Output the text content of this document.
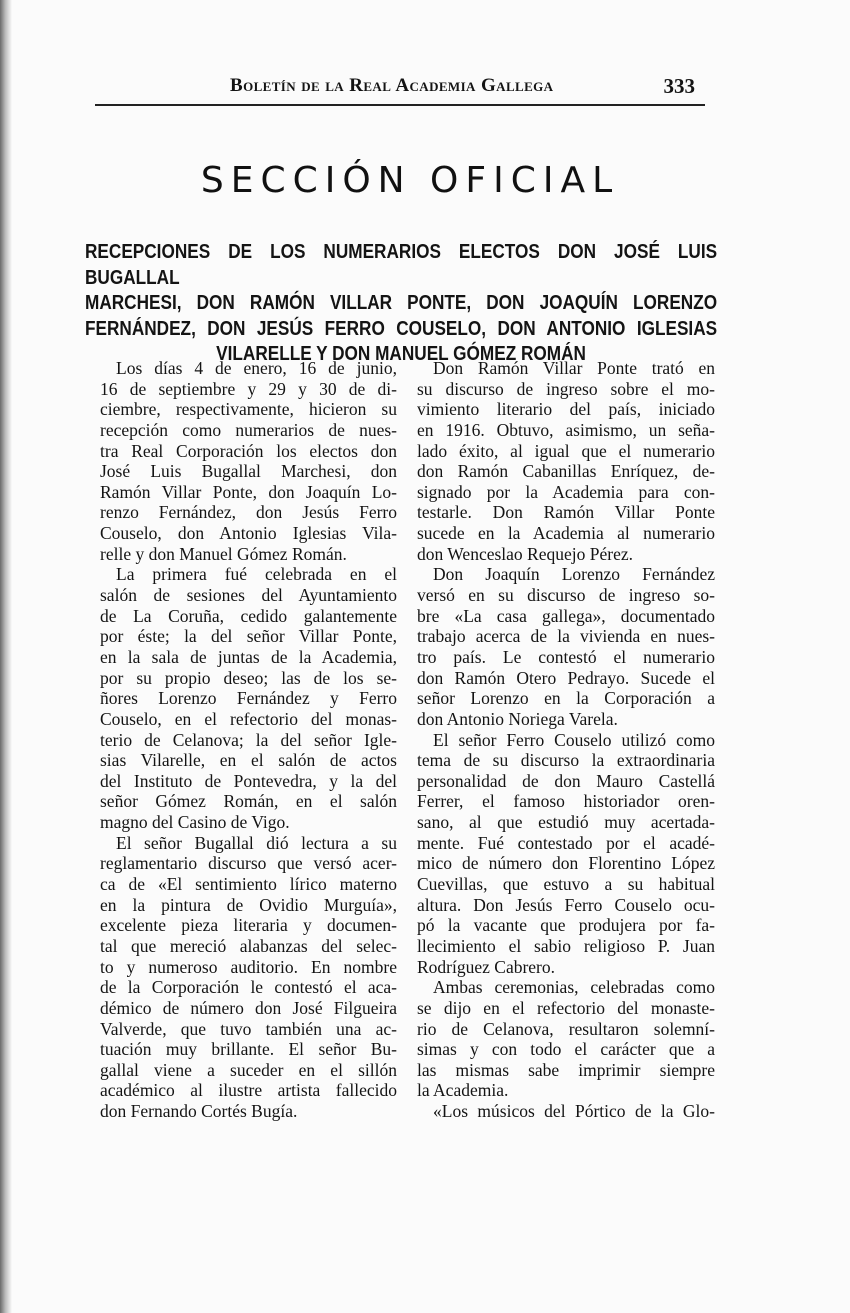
Boletín de la Real Academia Gallega	333
SECCIÓN OFICIAL
RECEPCIONES DE LOS NUMERARIOS ELECTOS DON JOSÉ LUIS BUGALLAL
MARCHESI, DON RAMÓN VILLAR PONTE, DON JOAQUÍN LORENZO
FERNÁNDEZ, DON JESÚS FERRO COUSELO, DON ANTONIO IGLESIAS
VILARELLE Y DON MANUEL GÓMEZ ROMÁN
Los días 4 de enero, 16 de junio,
16 de septiembre y 29 y 30 de di-
ciembre, respectivamente, hicieron su
recepción como numerarios de nues-
tra Real Corporación los electos don
José Luis Bugallal Marchesi, don
Ramón Villar Ponte, don Joaquín Lo-
renzo Fernández, don Jesús Ferro
Couselo, don Antonio Iglesias Vila-
relle y don Manuel Gómez Román.
La primera fué celebrada en el
salón de sesiones del Ayuntamiento
de La Coruña, cedido galantemente
por éste; la del señor Villar Ponte,
en la sala de juntas de la Academia,
por su propio deseo; las de los se-
ñores Lorenzo Fernández y Ferro
Couselo, en el refectorio del monas-
terio de Celanova; la del señor Igle-
sias Vilarelle, en el salón de actos
del Instituto de Pontevedra, y la del
señor Gómez Román, en el salón
magno del Casino de Vigo.
El señor Bugallal dió lectura a su
reglamentario discurso que versó acer-
ca de «El sentimiento lírico materno
en la pintura de Ovidio Murguía»,
excelente pieza literaria y documen-
tal que mereció alabanzas del selec-
to y numeroso auditorio. En nombre
de la Corporación le contestó el aca-
démico de número don José Filgueira
Valverde, que tuvo también una ac-
tuación muy brillante. El señor Bu-
gallal viene a suceder en el sillón
académico al ilustre artista fallecido
don Fernando Cortés Bugía.
Don Ramón Villar Ponte trató en
su discurso de ingreso sobre el mo-
vimiento literario del país, iniciado
en 1916. Obtuvo, asimismo, un seña-
lado éxito, al igual que el numerario
don Ramón Cabanillas Enríquez, de-
signado por la Academia para con-
testarle. Don Ramón Villar Ponte
sucede en la Academia al numerario
don Wenceslao Requejo Pérez.
Don Joaquín Lorenzo Fernández
versó en su discurso de ingreso so-
bre «La casa gallega», documentado
trabajo acerca de la vivienda en nues-
tro país. Le contestó el numerario
don Ramón Otero Pedrayo. Sucede el
señor Lorenzo en la Corporación a
don Antonio Noriega Varela.
El señor Ferro Couselo utilizó como
tema de su discurso la extraordinaria
personalidad de don Mauro Castellá
Ferrer, el famoso historiador oren-
sano, al que estudió muy acertada-
mente. Fué contestado por el acadé-
mico de número don Florentino López
Cuevillas, que estuvo a su habitual
altura. Don Jesús Ferro Couselo ocu-
pó la vacante que produjera por fa-
llecimiento el sabio religioso P. Juan
Rodríguez Cabrero.
Ambas ceremonias, celebradas como
se dijo en el refectorio del monaste-
rio de Celanova, resultaron solemní-
simas y con todo el carácter que a
las mismas sabe imprimir siempre
la Academia.
«Los músicos del Pórtico de la Glo-
